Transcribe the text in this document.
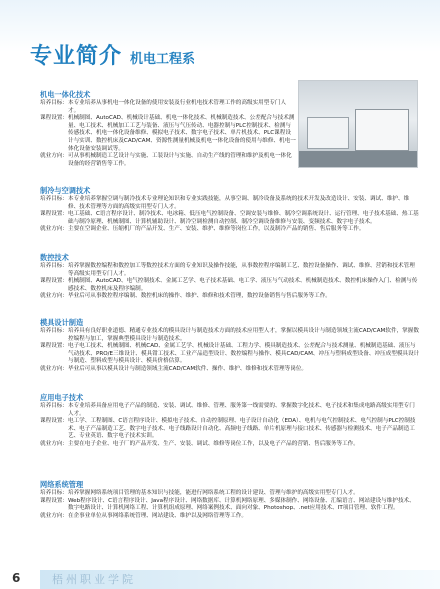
专业简介 机电工程系
机电一体化技术
培养目标： 本专业培养从事机电一体化设备的使用安装及行业机电技术管理工作的高级实用型专门人才。
课程设置： 机械制图、AutoCAD、机械设计基础、机电一体化技术、机械制造技术、公差配合与技术测量、电工技术、机械加工工艺与装备、液压与气压传动、电器控制与PLC控制技术、检测与传感技术、机电一体化设备维修、模拟电子技术、数字电子技术、单片机技术、PLC课程设计与实训、数控机床及CAD/CAM、资源性测量机械及机电一体化设备的使用与维修、机电一体化设备安装调试等。
就业方向： 可从事机械制造工艺设计与实施、工装设计与实施、自动生产线的管理和维护及机电一体化设备的经营销售等工作。
制冷与空调技术
培养目标： 本专业培养掌握空调与制冷技术专业理论知识和专业实践技能，从事空调、制冷设备及系统的技术开发及改造设计、安装、调试、维护、维修、技术管理等方面的高级实用型专门人才。
课程设置： 电工基础、C语言程序设计、制冷技术、电冰箱、低压电气控制设备、空调安装与维修、制冷空调系统设计、运行管理、电子技术基础、热工基础与制冷原理、机械制图、计算机辅助设计、制冷空调检测自动控制、制冷空调设备维修与安装、变频技术、数字电子技术。
就业方向： 主要在空调企业、压缩机厂的产品开发、生产、安装、维护、维修等岗位工作，以及制冷产品的销售、售后服务等工作。
数控技术
培养目标： 培养掌握数控编程和数控加工等数控技术方面的专业知识及操作技能，从事数控程序编制工艺、数控设备操作、调试、维修、营销和技术管理等高级实用型专门人才。
课程设置： 机械制图、AutoCAD、电气控制技术、金属工艺学、电子技术基础、电工学、液压与气动技术、机械制造技术、数控机床操作入门、检测与传感技术、数控机床及程序编制。
就业方向： 毕业后可从事数控程序编制、数控机床的操作、维护、维修和技术管理，数控设备销售与售后服务等工作。
模具设计制造
培养目标： 培养具有良好职业道德、精通专业技术的模具设计与制造技术方面的技术应用型人才，掌握以模具设计与制造领域主流CAD/CAM软件，掌握数控编程与加工，掌握典型模具设计与制造技术。
课程设置： 电子电工技术、机械制图、机械CAD、金属工艺学、机械设计基础、工程力学、模具制造技术、公差配合与技术测量、机械制造基础、液压与气动技术、PRO/E三维设计、模具钳工技术、工业产品造型设计、数控编程与操作、模具CAD/CAM、冲压与塑料成型设备、冲压成型模具设计与制造、塑料成型与模具设计、模具价格估算。
就业方向： 毕业后可从事以模具设计与制造领域主流CAD/CAM软件、操作、维护、维修和技术管理等岗位。
应用电子技术
培养目标： 本专业培养具备应用电子产品的制造、安装、调试、维修、管理、服务第一线需要的、掌握数字化技术、电子技术和集成电路高级实用型专门人才。
课程设置： 电工学、工程制图、C语言程序设计、模拟电子技术、自动控制原理、电子设计自动化（EDA）、电机与电气控制技术、电气控制与PLC控制技术、电子产品制造工艺、数字电子技术、电子线路设计自动化、高频电子线路、单片机原理与接口技术、传感器与检测技术、电子产品制造工艺、专业英语、数字电子技术实训。
就业方向： 主要在电子企业、电子厂的产品开发、生产、安装、调试、维修等岗位工作，以及电子产品的营销、售后服务等工作。
网络系统管理
培养目标： 培养掌握网络系统项目管理的基本知识与技能，能进行网络系统工程的设计建设、管理与维护的高级实用型专门人才。
课程设置： Web程序设计、C语言程序设计、Java程序设计、网络数据库、计算机网络原理、多媒体制作、网络设备、汇编语言、网站建设与维护技术、数字电路设计、计算机网络工程、计算机组成原理、网络案例技术、面向对象、Photoshop、.net应用技术、IT项目管理、软件工程。
就业方向： 在企事业单位从事网络系统管理、网站建设、维护以及网络管理等工作。
6	梧州职业学院
